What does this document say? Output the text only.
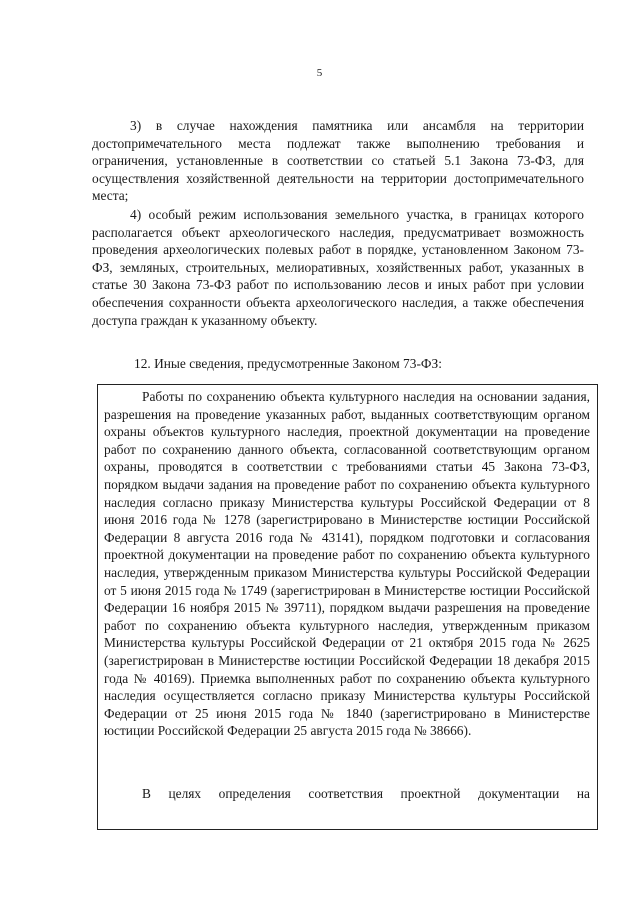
5

3) в случае нахождения памятника или ансамбля на территории достопримечательного места подлежат также выполнению требования и ограничения, установленные в соответствии со статьей 5.1 Закона 73-ФЗ, для осуществления хозяйственной деятельности на территории достопримечательного места;

4) особый режим использования земельного участка, в границах которого располагается объект археологического наследия, предусматривает возможность проведения археологических полевых работ в порядке, установленном Законом 73-ФЗ, земляных, строительных, мелиоративных, хозяйственных работ, указанных в статье 30 Закона 73-ФЗ работ по использованию лесов и иных работ при условии обеспечения сохранности объекта археологического наследия, а также обеспечения доступа граждан к указанному объекту.

12. Иные сведения, предусмотренные Законом 73-ФЗ:

Работы по сохранению объекта культурного наследия на основании задания, разрешения на проведение указанных работ, выданных соответствующим органом охраны объектов культурного наследия, проектной документации на проведение работ по сохранению данного объекта, согласованной соответствующим органом охраны, проводятся в соответствии с требованиями статьи 45 Закона 73-ФЗ, порядком выдачи задания на проведение работ по сохранению объекта культурного наследия согласно приказу Министерства культуры Российской Федерации от 8 июня 2016 года № 1278 (зарегистрировано в Министерстве юстиции Российской Федерации 8 августа 2016 года № 43141), порядком подготовки и согласования проектной документации на проведение работ по сохранению объекта культурного наследия, утвержденным приказом Министерства культуры Российской Федерации от 5 июня 2015 года № 1749 (зарегистрирован в Министерстве юстиции Российской Федерации 16 ноября 2015 № 39711), порядком выдачи разрешения на проведение работ по сохранению объекта культурного наследия, утвержденным приказом Министерства культуры Российской Федерации от 21 октября 2015 года № 2625 (зарегистрирован в Министерстве юстиции Российской Федерации 18 декабря 2015 года № 40169). Приемка выполненных работ по сохранению объекта культурного наследия осуществляется согласно приказу Министерства культуры Российской Федерации от 25 июня 2015 года № 1840 (зарегистрировано в Министерстве юстиции Российской Федерации 25 августа 2015 года № 38666).

В целях определения соответствия проектной документации на
